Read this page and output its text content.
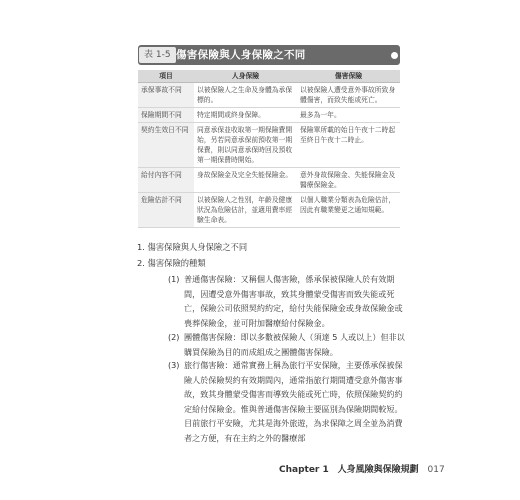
表 1-5 傷害保險與人身保險之不同
項目	人身保險	傷害保險
承保事故不同	以被保險人之生命及身體為承保標的。	以被保險人遭受意外事故所致身體傷害，而致失能或死亡。
保險期間不同	特定期間或終身保障。	最多為一年。
契約生效日不同	同意承保並收取第一期保險費開始，另若同意承保前預收第一期保費，則以同意承保時回及預收第一期保費時開始。	保險單所載的始日午夜十二時起至終日午夜十二時止。
給付內容不同	身故保險金及完全失能保險金。	意外身故保險金、失能保險金及醫療保險金。
危險估計不同	以被保險人之性別，年齡及健康狀況為危險估計，並適用費率經驗生命表。	以個人職業分類表為危險估計，因此有職業變更之通知規範。
1. 傷害保險與人身保險之不同
2. 傷害保險的種類
(1) 普通傷害保險：又稱個人傷害險，係承保被保險人於有效期間，因遭受意外傷害事故，致其身體蒙受傷害而致失能或死亡，保險公司依照契約約定，給付失能保險金或身故保險金或喪葬保險金，並可附加醫療給付保險金。
(2) 團體傷害保險：即以多數被保險人（須達 5 人或以上）但非以購買保險為目的而成組成之團體傷害保險。
(3) 旅行傷害險：通常實務上稱為旅行平安保險，主要係承保被保險人於保險契約有效期間內，通常指旅行期間遭受意外傷害事故，致其身體蒙受傷害而導致失能或死亡時，依照保險契約約定給付保險金。惟與普通傷害保險主要區別為保險期間較短。目前旅行平安險，尤其是海外旅遊，為求保障之周全並為消費者之方便，有在主約之外的醫療部
Chapter 1 人身風險與保險規劃 017
